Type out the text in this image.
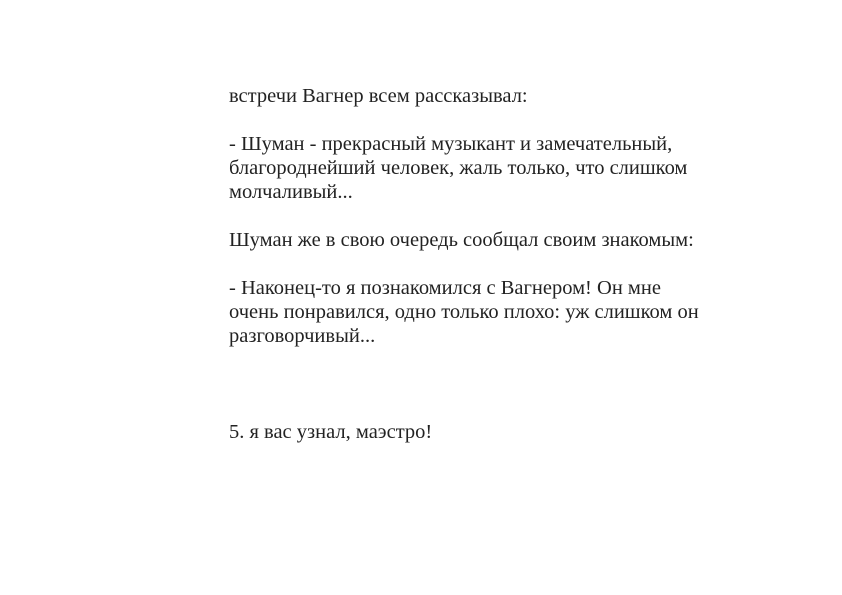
встречи Вагнер всем рассказывал:

- Шуман - прекрасный музыкант и замечательный,
благороднейший человек, жаль только, что слишком
молчаливый...

Шуман же в свою очередь сообщал своим знакомым:

- Наконец-то я познакомился с Вагнером! Он мне
очень понравился, одно только плохо: уж слишком он
разговорчивый...

5. я вас узнал, маэстро!
